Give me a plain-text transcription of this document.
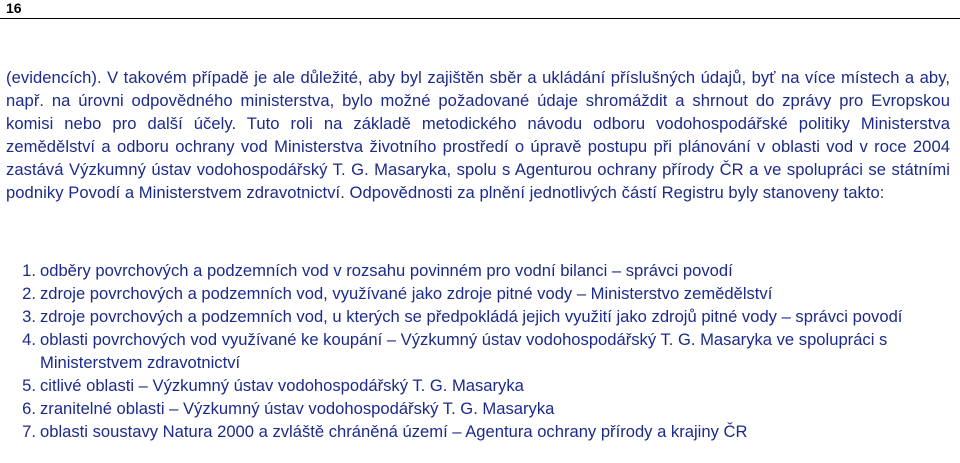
16

(evidencích). V takovém případě je ale důležité, aby byl zajištěn sběr a ukládání příslušných údajů, byť na více místech a aby, např. na úrovni odpovědného ministerstva, bylo možné požadované údaje shromáždit a shrnout do zprávy pro Evropskou komisi nebo pro další účely. Tuto roli na základě metodického návodu odboru vodohospodářské politiky Ministerstva zemědělství a odboru ochrany vod Ministerstva životního prostředí o úpravě postupu při plánování v oblasti vod v roce 2004 zastává Výzkumný ústav vodohospodářský T. G. Masaryka, spolu s Agenturou ochrany přírody ČR a ve spolupráci se státními podniky Povodí a Ministerstvem zdravotnictví. Odpovědnosti za plnění jednotlivých částí Registru byly stanoveny takto:

1. odběry povrchových a podzemních vod v rozsahu povinném pro vodní bilanci – správci povodí
2. zdroje povrchových a podzemních vod, využívané jako zdroje pitné vody – Ministerstvo zemědělství
3. zdroje povrchových a podzemních vod, u kterých se předpokládá jejich využití jako zdrojů pitné vody – správci povodí
4. oblasti povrchových vod využívané ke koupání – Výzkumný ústav vodohospodářský T. G. Masaryka ve spolupráci s Ministerstvem zdravotnictví
5. citlivé oblasti – Výzkumný ústav vodohospodářský T. G. Masaryka
6. zranitelné oblasti – Výzkumný ústav vodohospodářský T. G. Masaryka
7. oblasti soustavy Natura 2000 a zvláště chráněná území – Agentura ochrany přírody a krajiny ČR
